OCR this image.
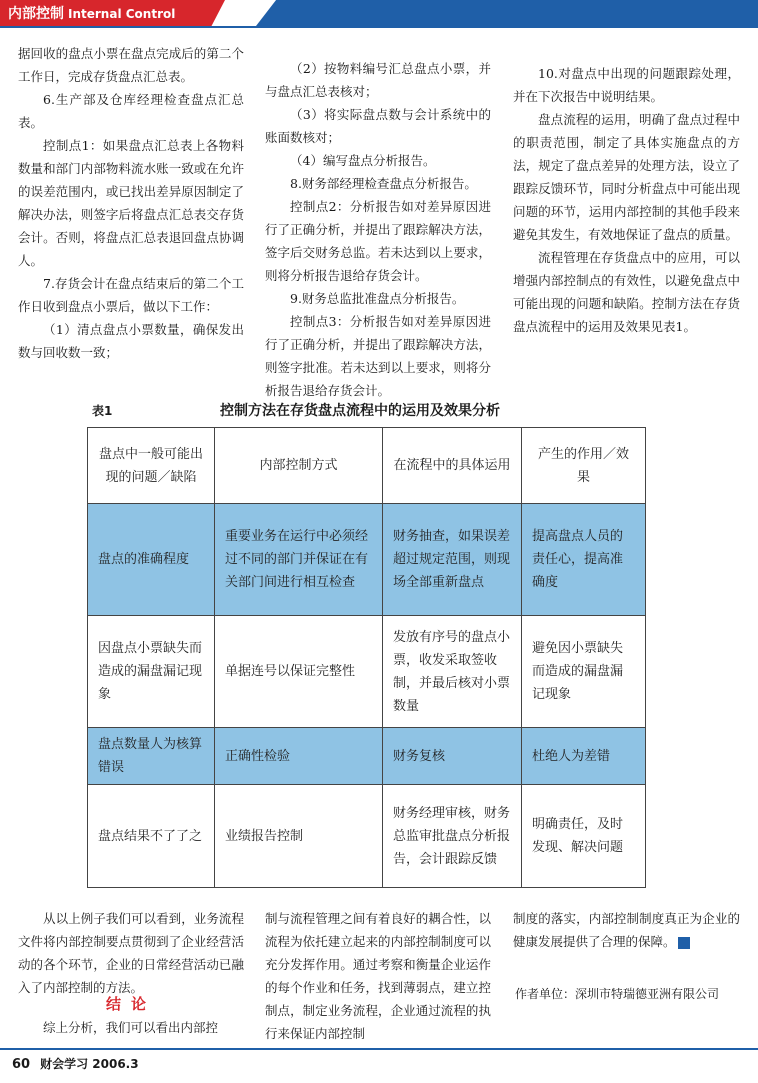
内部控制 Internal Control

据回收的盘点小票在盘点完成后的第二个工作日，完成存货盘点汇总表。

6.生产部及仓库经理检查盘点汇总表。

控制点1：如果盘点汇总表上各物料数量和部门内部物料流水账一致或在允许的误差范围内，或已找出差异原因制定了解决办法，则签字后将盘点汇总表交存货会计。否则，将盘点汇总表退回盘点协调人。

7.存货会计在盘点结束后的第二个工作日收到盘点小票后，做以下工作：

（1）清点盘点小票数量，确保发出数与回收数一致；

（2）按物料编号汇总盘点小票，并与盘点汇总表核对；

（3）将实际盘点数与会计系统中的账面数核对；

（4）编写盘点分析报告。

8.财务部经理检查盘点分析报告。

控制点2：分析报告如对差异原因进行了正确分析，并提出了跟踪解决方法，签字后交财务总监。若未达到以上要求，则将分析报告退给存货会计。

9.财务总监批准盘点分析报告。

控制点3：分析报告如对差异原因进行了正确分析，并提出了跟踪解决方法，则签字批准。若未达到以上要求，则将分析报告退给存货会计。

10.对盘点中出现的问题跟踪处理，并在下次报告中说明结果。

盘点流程的运用，明确了盘点过程中的职责范围，制定了具体实施盘点的方法，规定了盘点差异的处理方法，设立了跟踪反馈环节，同时分析盘点中可能出现问题的环节，运用内部控制的其他手段来避免其发生，有效地保证了盘点的质量。

流程管理在存货盘点中的应用，可以增强内部控制点的有效性，以避免盘点中可能出现的问题和缺陷。控制方法在存货盘点流程中的运用及效果见表1。

表1	控制方法在存货盘点流程中的运用及效果分析
盘点中一般可能出现的问题／缺陷	内部控制方式	在流程中的具体运用	产生的作用／效果
盘点的准确程度	重要业务在运行中必须经过不同的部门并保证在有关部门间进行相互检查	财务抽查，如果误差超过规定范围，则现场全部重新盘点	提高盘点人员的责任心，提高准确度
因盘点小票缺失而造成的漏盘漏记现象	单据连号以保证完整性	发放有序号的盘点小票，收发采取签收制，并最后核对小票数量	避免因小票缺失而造成的漏盘漏记现象
盘点数量人为核算错误	正确性检验	财务复核	杜绝人为差错
盘点结果不了了之	业绩报告控制	财务经理审核，财务总监审批盘点分析报告，会计跟踪反馈	明确责任，及时发现、解决问题

从以上例子我们可以看到，业务流程文件将内部控制要点贯彻到了企业经营活动的各个环节，企业的日常经营活动已融入了内部控制的方法。

结论

综上分析，我们可以看出内部控

制与流程管理之间有着良好的耦合性，以流程为依托建立起来的内部控制制度可以充分发挥作用。通过考察和衡量企业运作的每个作业和任务，找到薄弱点，建立控制点，制定业务流程，企业通过流程的执行来保证内部控制

制度的落实，内部控制制度真正为企业的健康发展提供了合理的保障。

作者单位：深圳市特瑞德亚洲有限公司
60 财会学习 2006.3
